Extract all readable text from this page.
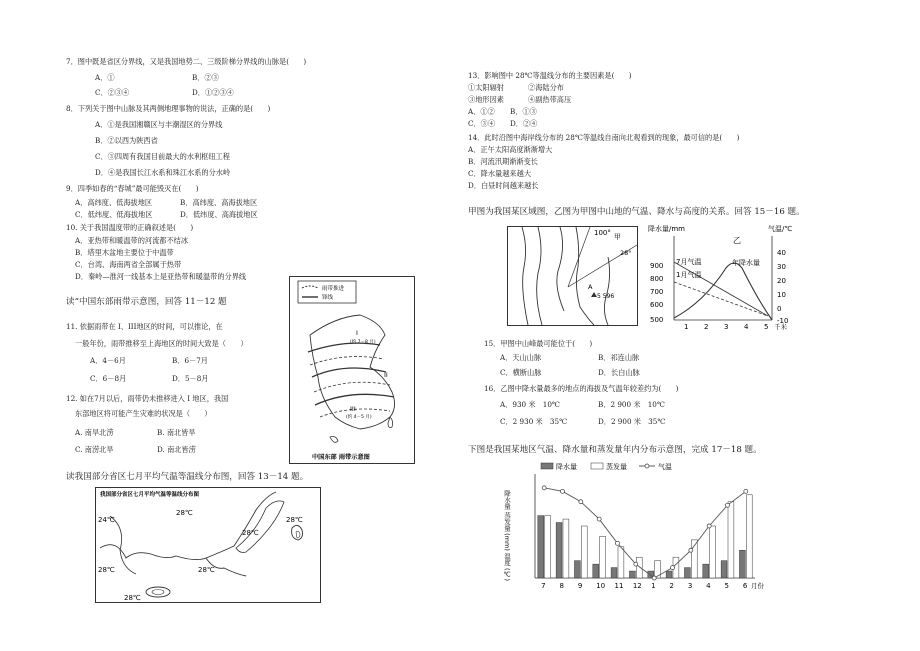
7．图中既是省区分界线，又是我国地势二、三级阶梯分界线的山脉是(　　)
A．①	B．②③
C．②③④	D．①②③④
8．下列关于图中山脉及其两侧地理事物的说法，正确的是(　　)
A．①是我国湘赣区与丰潮湿区的分界线
B．②以西为陕西省
C．③四周有我国目前最大的水利枢纽工程
D．④是我国长江水系和珠江水系的分水岭
9．四季如春的“春城”最可能毁灭在(　　)
A．高纬度、低海拔地区	B．高纬度、高海拔地区
C．低纬度、低海拔地区	D．低纬度、高海拔地区
10. 关于我国温度带的正确叙述是(　　)
A．亚热带和暖温带的河流都不结冰
B．塔里木盆地主要位于中温带
C．台湾、海南两省全部属于热带
D．秦岭—淮河一线基本上是亚热带和暖温带的分界线
读“中国东部雨带示意图，回答 11－12 题
11. 依据雨带在 I、III地区的时间，可以推论，在
一般年份，雨带推移至上海地区的时间大致是（　　）
A．4－6月	B．6－7月
C．6－8月	D．5－8月
12. 如在7月以后，雨带仍未推移进入 I 地区，我国
东部地区将可能产生灾难的状况是（　　）
A. 南旱北涝	B. 南北皆旱
C. 南涝北旱	D. 南北皆涝
读我国部分省区七月平均气温等温线分布图，回答 13－14 题。
雨带推进
锋线
I
(约 7－8 月)
II
III
(约 4－5 月)
中国东部 雨带示意图
我国部分省区七月平均气温等温线分布图
24℃
28℃
28℃
28℃
28℃	28℃
28℃
13．影响图中 28℃等温线分布的主要因素是(　　)
①太阳辐射	②海陆分布
③地形因素	④副热带高压
A．①② B．①③
C．③④ D．②④
14．此时沿图中海岸线分布的 28℃等温线自南向北观看到的现象，最可信的是(　　)
A．正午太阳高度渐渐增大
B．河流汛期渐渐变长
C．降水量越来越大
D．白昼时间越来越长
甲图为我国某区域图，乙图为甲图中山地的气温、降水与高度的关系。回答 15－16 题。
100° 甲
28°
A
5 596
降水量/mm	气温/℃
乙
900
800
700
600
500
40
30
20
10
0
-10
1 2 3 4 5 千米
7月气温
1月气温
年降水量
15．甲图中山峰最可能位于(　　)
A．天山山脉	B．祁连山脉
C．横断山脉	D．长白山脉
16．乙图中降水量最多的地点的海拔及气温年较差约为(　　)
A．930 米　10℃	B．2 900 米　10℃
C．2 930 米　35℃	D．2 900 米　35℃
下图是我国某地区气温、降水量和蒸发量年内分布示意图，完成 17－18 题。
降水量	蒸发量	气温
降水量 蒸发量 (mm) 温度 (℃)
7 8 9 10 11 12 1 2 3 4 5 6 月份
